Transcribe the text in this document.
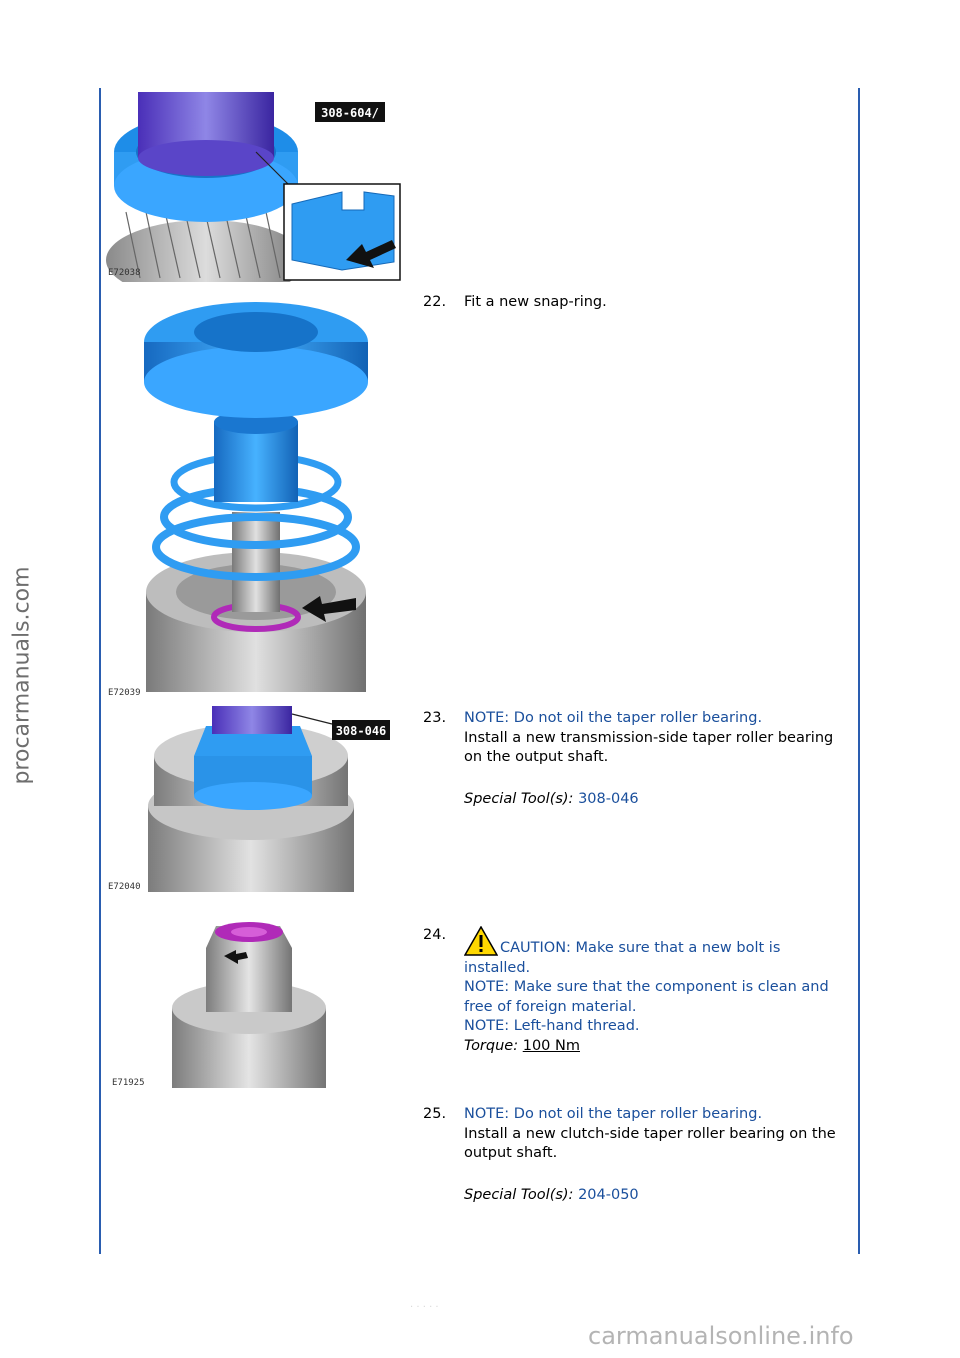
procarmanuals.com
carmanualsonline.info
· · · · ·
308-604/
E72038
E72039
308-046
E72040
E71925
22. Fit a new snap-ring.
23. NOTE: Do not oil the taper roller bearing.
Install a new transmission-side taper roller bearing on the output shaft.
Special Tool(s): 308-046
24.
CAUTION: Make sure that a new bolt is installed.
NOTE: Make sure that the component is clean and free of foreign material.
NOTE: Left-hand thread.
Torque: 100 Nm
25. NOTE: Do not oil the taper roller bearing.
Install a new clutch-side taper roller bearing on the output shaft.
Special Tool(s): 204-050
